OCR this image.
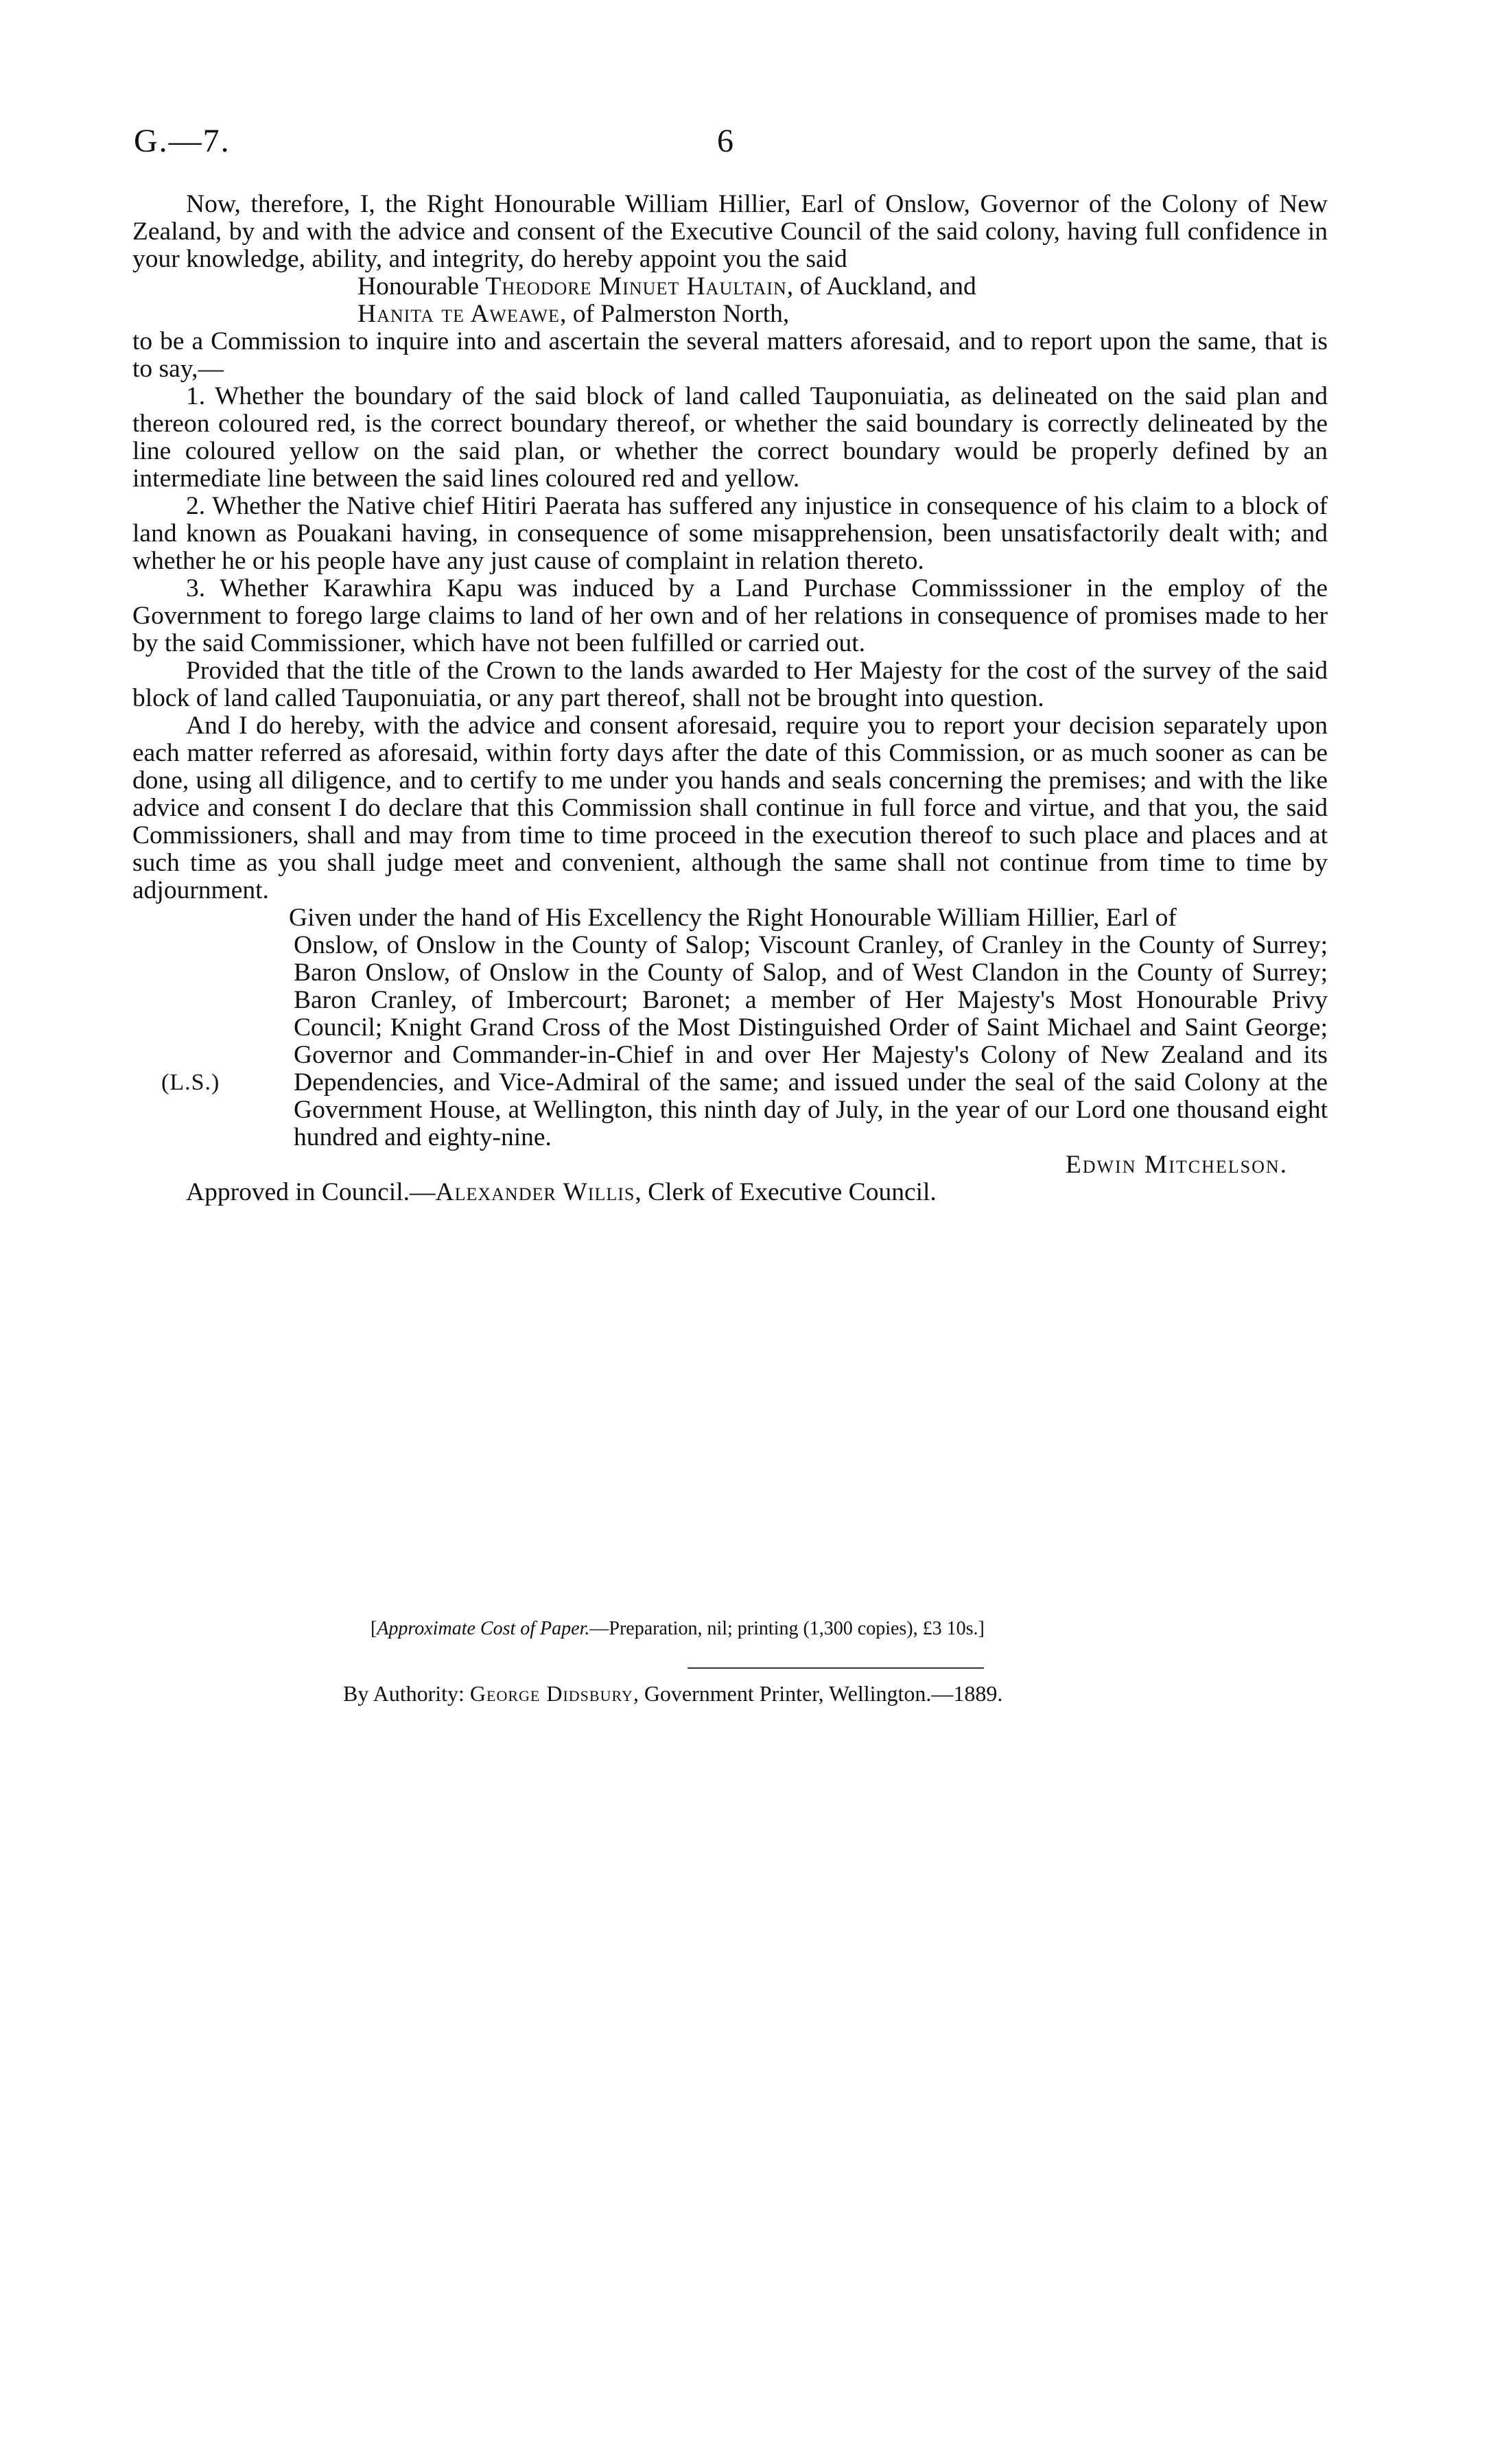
G.—7.	6

Now, therefore, I, the Right Honourable William Hillier, Earl of Onslow, Governor of the Colony of New Zealand, by and with the advice and consent of the Executive Council of the said colony, having full confidence in your knowledge, ability, and integrity, do hereby appoint you the said

Honourable Theodore Minuet Haultain, of Auckland, and
Hanita te Aweawe, of Palmerston North,

to be a Commission to inquire into and ascertain the several matters aforesaid, and to report upon the same, that is to say,—

1. Whether the boundary of the said block of land called Tauponuiatia, as delineated on the said plan and thereon coloured red, is the correct boundary thereof, or whether the said boundary is correctly delineated by the line coloured yellow on the said plan, or whether the correct boundary would be properly defined by an intermediate line between the said lines coloured red and yellow.

2. Whether the Native chief Hitiri Paerata has suffered any injustice in consequence of his claim to a block of land known as Pouakani having, in consequence of some misapprehension, been unsatisfactorily dealt with; and whether he or his people have any just cause of complaint in relation thereto.

3. Whether Karawhira Kapu was induced by a Land Purchase Commisssioner in the employ of the Government to forego large claims to land of her own and of her relations in consequence of promises made to her by the said Commissioner, which have not been fulfilled or carried out.

Provided that the title of the Crown to the lands awarded to Her Majesty for the cost of the survey of the said block of land called Tauponuiatia, or any part thereof, shall not be brought into question.

And I do hereby, with the advice and consent aforesaid, require you to report your decision separately upon each matter referred as aforesaid, within forty days after the date of this Commission, or as much sooner as can be done, using all diligence, and to certify to me under you hands and seals concerning the premises; and with the like advice and consent I do declare that this Commission shall continue in full force and virtue, and that you, the said Commissioners, shall and may from time to time proceed in the execution thereof to such place and places and at such time as you shall judge meet and convenient, although the same shall not continue from time to time by adjournment.

Given under the hand of His Excellency the Right Honourable William Hillier, Earl of

(L.S.)

Onslow, of Onslow in the County of Salop; Viscount Cranley, of Cranley in the County of Surrey; Baron Onslow, of Onslow in the County of Salop, and of West Clandon in the County of Surrey; Baron Cranley, of Imbercourt; Baronet; a member of Her Majesty's Most Honourable Privy Council; Knight Grand Cross of the Most Distinguished Order of Saint Michael and Saint George; Governor and Commander-in-Chief in and over Her Majesty's Colony of New Zealand and its Dependencies, and Vice-Admiral of the same; and issued under the seal of the said Colony at the Government House, at Wellington, this ninth day of July, in the year of our Lord one thousand eight hundred and eighty-nine.

Edwin Mitchelson.

Approved in Council.—Alexander Willis, Clerk of Executive Council.

[Approximate Cost of Paper.—Preparation, nil; printing (1,300 copies), £3 10s.]
By Authority: George Didsbury, Government Printer, Wellington.—1889.
